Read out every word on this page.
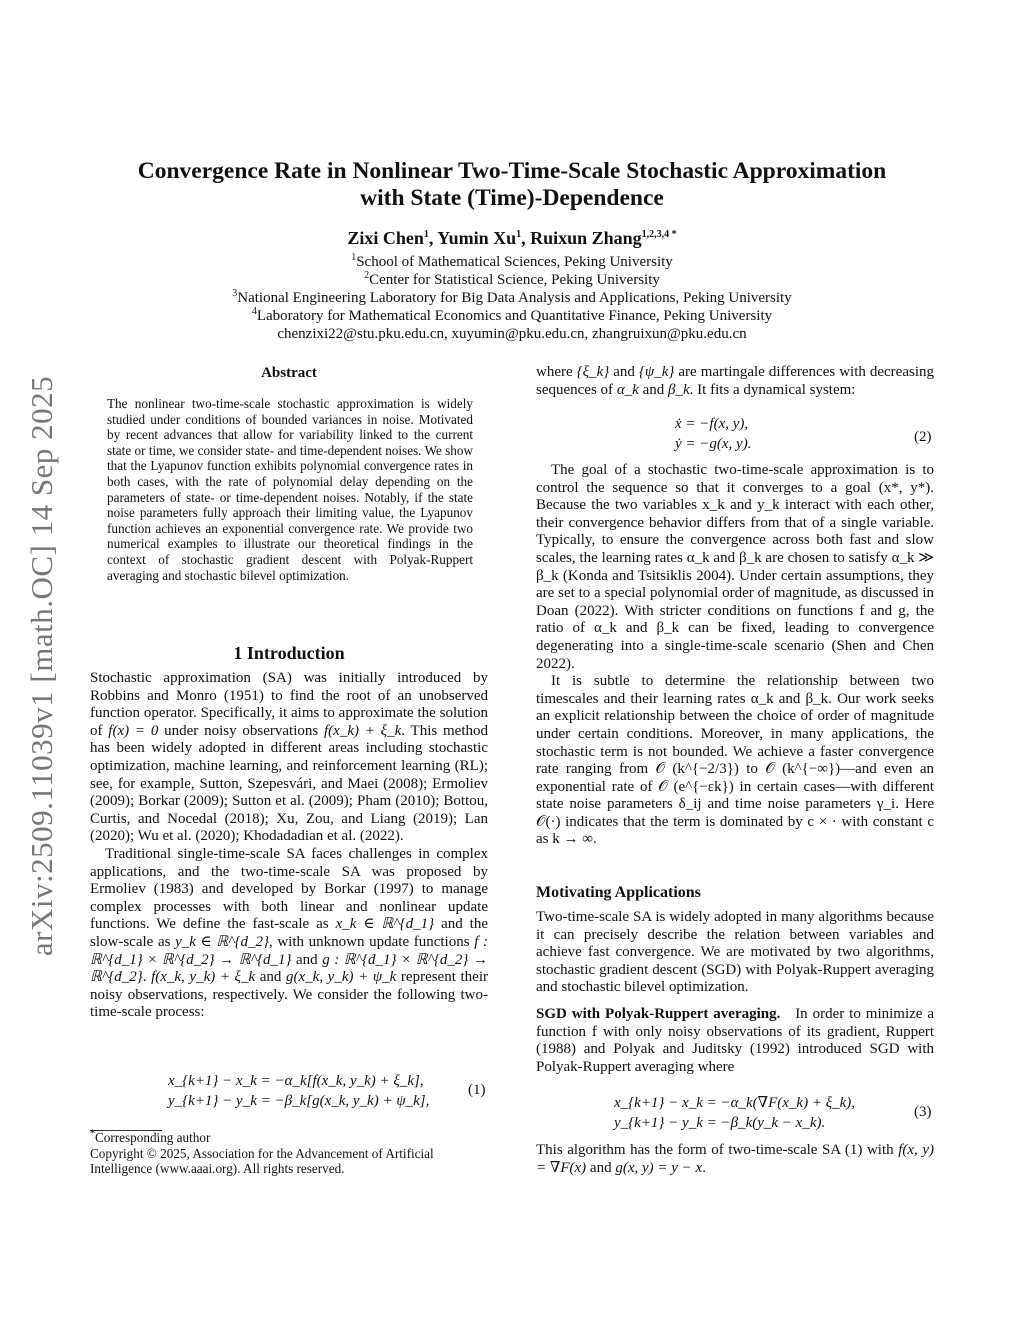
arXiv:2509.11039v1 [math.OC] 14 Sep 2025
Convergence Rate in Nonlinear Two-Time-Scale Stochastic Approximation
with State (Time)-Dependence
Zixi Chen$^1$, Yumin Xu$^1$, Ruixun Zhang$^{1,2,3,4 *}$
$^1$School of Mathematical Sciences, Peking University
$^2$Center for Statistical Science, Peking University
$^3$National Engineering Laboratory for Big Data Analysis and Applications, Peking University
$^4$Laboratory for Mathematical Economics and Quantitative Finance, Peking University
chenzixi22@stu.pku.edu.cn, xuyumin@pku.edu.cn, zhangruixun@pku.edu.cn
Abstract
The nonlinear two-time-scale stochastic approximation is widely studied under conditions of bounded variances in noise. Motivated by recent advances that allow for variability linked to the current state or time, we consider state- and time-dependent noises. We show that the Lyapunov function exhibits polynomial convergence rates in both cases, with the rate of polynomial delay depending on the parameters of state- or time-dependent noises. Notably, if the state noise parameters fully approach their limiting value, the Lyapunov function achieves an exponential convergence rate. We provide two numerical examples to illustrate our theoretical findings in the context of stochastic gradient descent with Polyak-Ruppert averaging and stochastic bilevel optimization.
1 Introduction

Stochastic approximation (SA) was initially introduced by Robbins and Monro (1951) to find the root of an unobserved function operator. Specifically, it aims to approximate the solution of f(x) = 0 under noisy observations f(x_k) + ξ_k. This method has been widely adopted in different areas including stochastic optimization, machine learning, and reinforcement learning (RL); see, for example, Sutton, Szepesvári, and Maei (2008); Ermoliev (2009); Borkar (2009); Sutton et al. (2009); Pham (2010); Bottou, Curtis, and Nocedal (2018); Xu, Zou, and Liang (2019); Lan (2020); Wu et al. (2020); Khodadadian et al. (2022).

Traditional single-time-scale SA faces challenges in complex applications, and the two-time-scale SA was proposed by Ermoliev (1983) and developed by Borkar (1997) to manage complex processes with both linear and nonlinear update functions. We define the fast-scale as x_k ∈ ℝ^{d_1} and the slow-scale as y_k ∈ ℝ^{d_2}, with unknown update functions f : ℝ^{d_1} × ℝ^{d_2} → ℝ^{d_1} and g : ℝ^{d_1} × ℝ^{d_2} → ℝ^{d_2}. f(x_k, y_k) + ξ_k and g(x_k, y_k) + ψ_k represent their noisy observations, respectively. We consider the following two-time-scale process:

x_{k+1} − x_k = −α_k[f(x_k, y_k) + ξ_k],
y_{k+1} − y_k = −β_k[g(x_k, y_k) + ψ_k],
(1)
*Corresponding author
Copyright © 2025, Association for the Advancement of Artificial Intelligence (www.aaai.org). All rights reserved.

where {ξ_k} and {ψ_k} are martingale differences with decreasing sequences of α_k and β_k. It fits a dynamical system:

ẋ = −f(x, y),
ẏ = −g(x, y).	(2)

The goal of a stochastic two-time-scale approximation is to control the sequence so that it converges to a goal (x*, y*). Because the two variables x_k and y_k interact with each other, their convergence behavior differs from that of a single variable. Typically, to ensure the convergence across both fast and slow scales, the learning rates α_k and β_k are chosen to satisfy α_k ≫ β_k (Konda and Tsitsiklis 2004). Under certain assumptions, they are set to a special polynomial order of magnitude, as discussed in Doan (2022). With stricter conditions on functions f and g, the ratio of α_k and β_k can be fixed, leading to convergence degenerating into a single-time-scale scenario (Shen and Chen 2022).

It is subtle to determine the relationship between two timescales and their learning rates α_k and β_k. Our work seeks an explicit relationship between the choice of order of magnitude under certain conditions. Moreover, in many applications, the stochastic term is not bounded. We achieve a faster convergence rate ranging from 𝒪 (k^{−2/3}) to 𝒪 (k^{−∞})—and even an exponential rate of 𝒪 (e^{−εk}) in certain cases—with different state noise parameters δ_ij and time noise parameters γ_i. Here 𝒪(·) indicates that the term is dominated by c × · with constant c as k → ∞.

Motivating Applications

Two-time-scale SA is widely adopted in many algorithms because it can precisely describe the relation between variables and achieve fast convergence. We are motivated by two algorithms, stochastic gradient descent (SGD) with Polyak-Ruppert averaging and stochastic bilevel optimization.

SGD with Polyak-Ruppert averaging. In order to minimize a function f with only noisy observations of its gradient, Ruppert (1988) and Polyak and Juditsky (1992) introduced SGD with Polyak-Ruppert averaging where

x_{k+1} − x_k = −α_k(∇F(x_k) + ξ_k),
y_{k+1} − y_k = −β_k(y_k − x_k).
(3)

This algorithm has the form of two-time-scale SA (1) with f(x, y) = ∇F(x) and g(x, y) = y − x.
